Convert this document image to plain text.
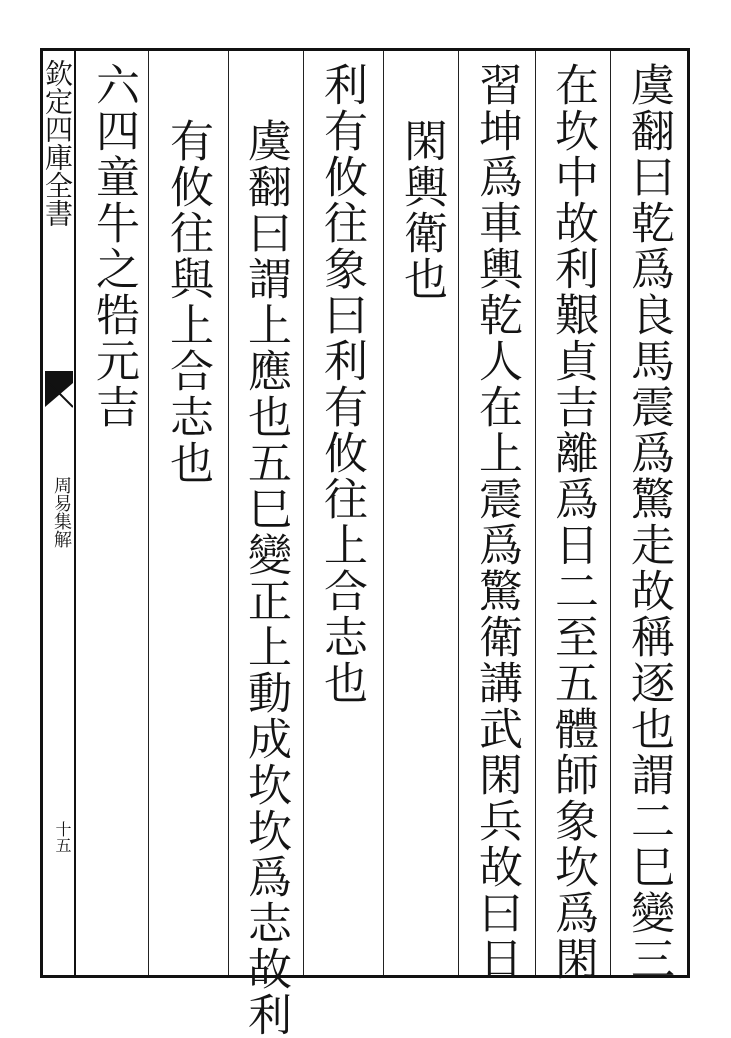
欽定四庫全書
周易集解
十五	虞翻曰乾爲良馬震爲驚走故稱逐也謂二巳變三
在坎中故利艱貞吉離爲日二至五體師象坎爲閑
習坤爲車輿乾人在上震爲驚衛講武閑兵故曰日
閑輿衛也
利有攸往象曰利有攸往上合志也
虞翻曰謂上應也五巳變正上動成坎坎爲志故利
有攸往與上合志也
六四童牛之牿元吉
